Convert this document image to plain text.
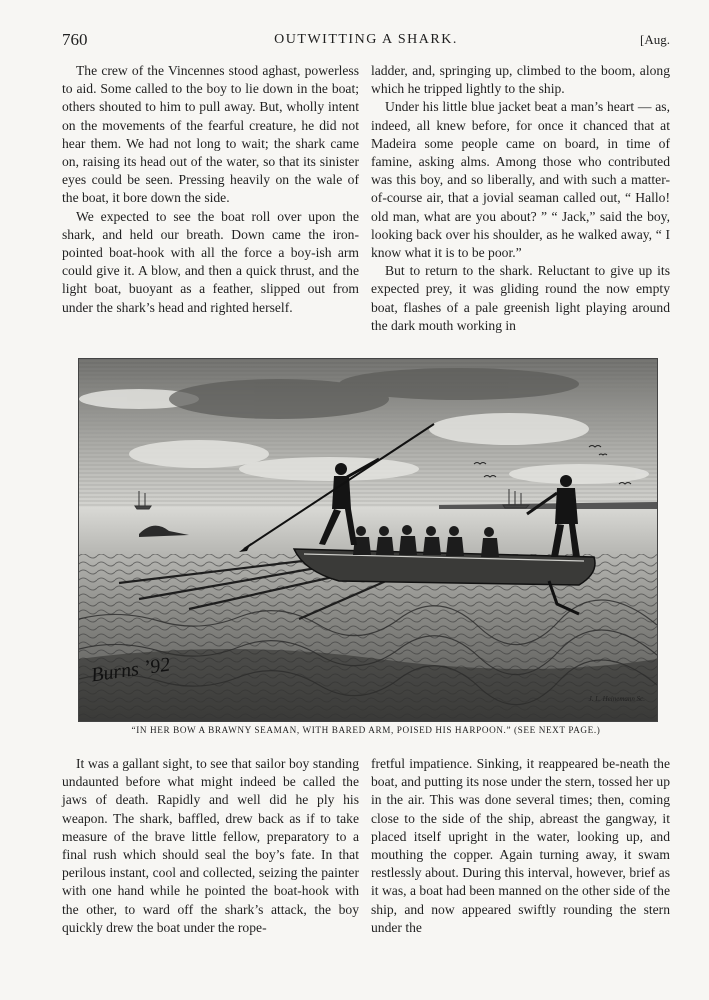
760	OUTWITTING A SHARK.	[Aug.

The crew of the Vincennes stood aghast, powerless to aid. Some called to the boy to lie down in the boat; others shouted to him to pull away. But, wholly intent on the movements of the fearful creature, he did not hear them. We had not long to wait; the shark came on, raising its head out of the water, so that its sinister eyes could be seen. Pressing heavily on the wale of the boat, it bore down the side.

We expected to see the boat roll over upon the shark, and held our breath. Down came the iron-pointed boat-hook with all the force a boy-ish arm could give it. A blow, and then a quick thrust, and the light boat, buoyant as a feather, slipped out from under the shark’s head and righted herself.

ladder, and, springing up, climbed to the boom, along which he tripped lightly to the ship.

Under his little blue jacket beat a man’s heart — as, indeed, all knew before, for once it chanced that at Madeira some people came on board, in time of famine, asking alms. Among those who contributed was this boy, and so liberally, and with such a matter-of-course air, that a jovial seaman called out, “ Hallo! old man, what are you about? ” “ Jack,” said the boy, looking back over his shoulder, as he walked away, “ I know what it is to be poor.”

But to return to the shark. Reluctant to give up its expected prey, it was gliding round the now empty boat, flashes of a pale greenish light playing around the dark mouth working in

Burns ’92
J. L. Heinemann Sc.
“IN HER BOW A BRAWNY SEAMAN, WITH BARED ARM, POISED HIS HARPOON.” (SEE NEXT PAGE.)

It was a gallant sight, to see that sailor boy standing undaunted before what might indeed be called the jaws of death. Rapidly and well did he ply his weapon. The shark, baffled, drew back as if to take measure of the brave little fellow, preparatory to a final rush which should seal the boy’s fate. In that perilous instant, cool and collected, seizing the painter with one hand while he pointed the boat-hook with the other, to ward off the shark’s attack, the boy quickly drew the boat under the rope-

fretful impatience. Sinking, it reappeared be-neath the boat, and putting its nose under the stern, tossed her up in the air. This was done several times; then, coming close to the side of the ship, abreast the gangway, it placed itself upright in the water, looking up, and mouthing the copper. Again turning away, it swam restlessly about. During this interval, however, brief as it was, a boat had been manned on the other side of the ship, and now appeared swiftly rounding the stern under the
